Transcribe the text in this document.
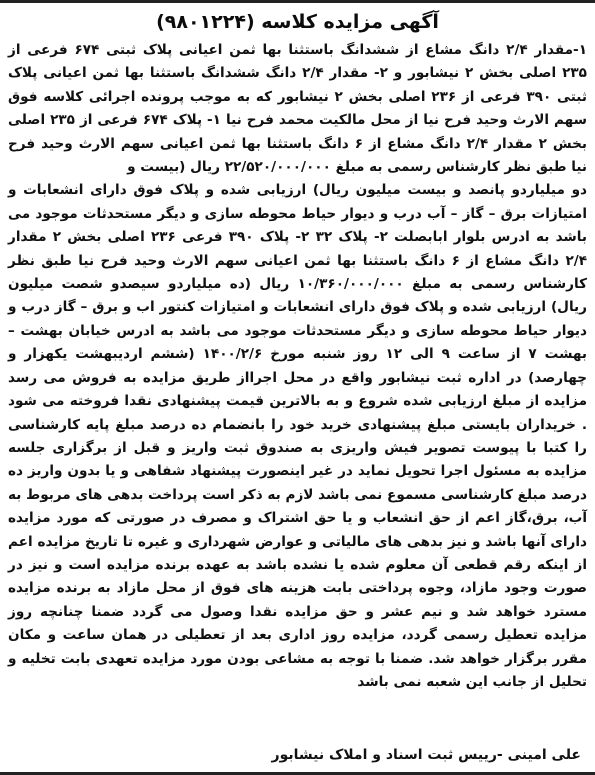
آگهی مزایده کلاسه (۹۸۰۱۲۲۴)

۱-مقدار ۲/۴ دانگ مشاع از ششدانگ باستثنا بها ثمن اعیانی پلاک ثبتی ۶۷۴ فرعی از ۲۳۵ اصلی بخش ۲ نیشابور و ۲- مقدار ۲/۴ دانگ ششدانگ باستثنا بها ثمن اعیانی پلاک ثبتی ۳۹۰ فرعی از ۲۳۶ اصلی بخش ۲ نیشابور که به موجب پرونده اجرائی کلاسه فوق سهم الارث وحید فرح نیا از محل مالکیت محمد فرح نیا ۱- پلاک ۶۷۴ فرعی از ۲۳۵ اصلی بخش ۲ مقدار ۲/۴ دانگ مشاع از ۶ دانگ باستثنا بها ثمن اعیانی سهم الارث وحید فرح نیا طبق نظر کارشناس رسمی به مبلغ ۲۲/۵۲۰/۰۰۰/۰۰۰ ریال (بیست و

دو میلیاردو پانصد و بیست میلیون ریال) ارزیابی شده و پلاک فوق دارای انشعابات و امتیازات برق – گاز – آب درب و دیوار حیاط محوطه سازی و دیگر مستحدثات موجود می باشد به ادرس بلوار ابابصلت ۲- پلاک ۳۲ ۲- پلاک ۳۹۰ فرعی ۲۳۶ اصلی بخش ۲ مقدار ۲/۴ دانگ مشاع از ۶ دانگ باستثنا بها ثمن اعیانی سهم الارث وحید فرح نیا طبق نظر کارشناس رسمی به مبلغ ۱۰/۳۶۰/۰۰۰/۰۰۰ ریال (ده میلیاردو سیصدو شصت میلیون ریال) ارزیابی شده و پلاک فوق دارای انشعابات و امتیازات کنتور اب و برق – گاز درب و دیوار حیاط محوطه سازی و دیگر مستحدثات موجود می باشد به ادرس خیابان بهشت – بهشت ۷ از ساعت ۹ الی ۱۲ روز شنبه مورخ ۱۴۰۰/۲/۶ (ششم اردیبهشت یکهزار و چهارصد) در اداره ثبت نیشابور واقع در محل اجرااز طریق مزایده به فروش می رسد مزایده از مبلغ ارزیابی شده شروع و به بالاترین قیمت پیشنهادی نقدا فروخته می شود . خریداران بایستی مبلغ پیشنهادی خرید خود را بانضمام ده درصد مبلغ پایه کارشناسی را کتبا با پیوست تصویر فیش واریزی به صندوق ثبت واریز و قبل از برگزاری جلسه مزایده به مسئول اجرا تحویل نماید در غیر اینصورت پیشنهاد شفاهی و یا بدون واریز ده درصد مبلغ کارشناسی مسموع نمی باشد لازم به ذکر است پرداخت بدهی های مربوط به آب، برق،گاز اعم از حق انشعاب و یا حق اشتراک و مصرف در صورتی که مورد مزایده دارای آنها باشد و نیز بدهی های مالیاتی و عوارض شهرداری و غیره تا تاریخ مزایده اعم از اینکه رقم قطعی آن معلوم شده یا نشده باشد به عهده برنده مزایده است و نیز در صورت وجود مازاد، وجوه پرداختی بابت هزینه های فوق از محل مازاد به برنده مزایده مسترد خواهد شد و نیم عشر و حق مزایده نقدا وصول می گردد ضمنا چنانچه روز مزایده تعطیل رسمی گردد، مزایده روز اداری بعد از تعطیلی در همان ساعت و مکان مقرر برگزار خواهد شد. ضمنا با توجه به مشاعی بودن مورد مزایده تعهدی بابت تخلیه و تحلیل از جانب این شعبه نمی باشد

علی امینی -رییس ثبت اسناد و املاک نیشابور
